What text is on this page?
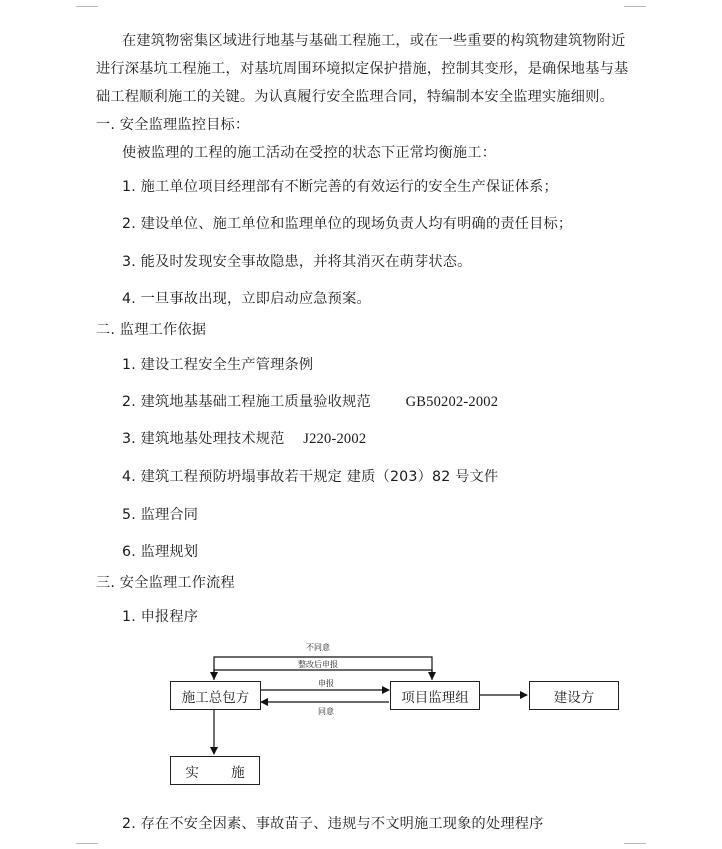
在建筑物密集区域进行地基与基础工程施工，或在一些重要的构筑物建筑物附近
进行深基坑工程施工，对基坑周围环境拟定保护措施，控制其变形，是确保地基与基
础工程顺利施工的关键。为认真履行安全监理合同，特编制本安全监理实施细则。
一. 安全监理监控目标：
使被监理的工程的施工活动在受控的状态下正常均衡施工：
1. 施工单位项目经理部有不断完善的有效运行的安全生产保证体系；
2. 建设单位、施工单位和监理单位的现场负责人均有明确的责任目标；
3. 能及时发现安全事故隐患，并将其消灭在萌芽状态。
4. 一旦事故出现，立即启动应急预案。
二. 监理工作依据
1. 建设工程安全生产管理条例
2. 建筑地基基础工程施工质量验收规范 GB50202-2002
3. 建筑地基处理技术规范 J220-2002
4. 建筑工程预防坍塌事故若干规定 建质（203）82 号文件
5. 监理合同
6. 监理规划
三. 安全监理工作流程
1. 申报程序
不同意
整改后申报
申报
同意
施工总包方	项目监理组	建设方
实 施
2. 存在不安全因素、事故苗子、违规与不文明施工现象的处理程序
